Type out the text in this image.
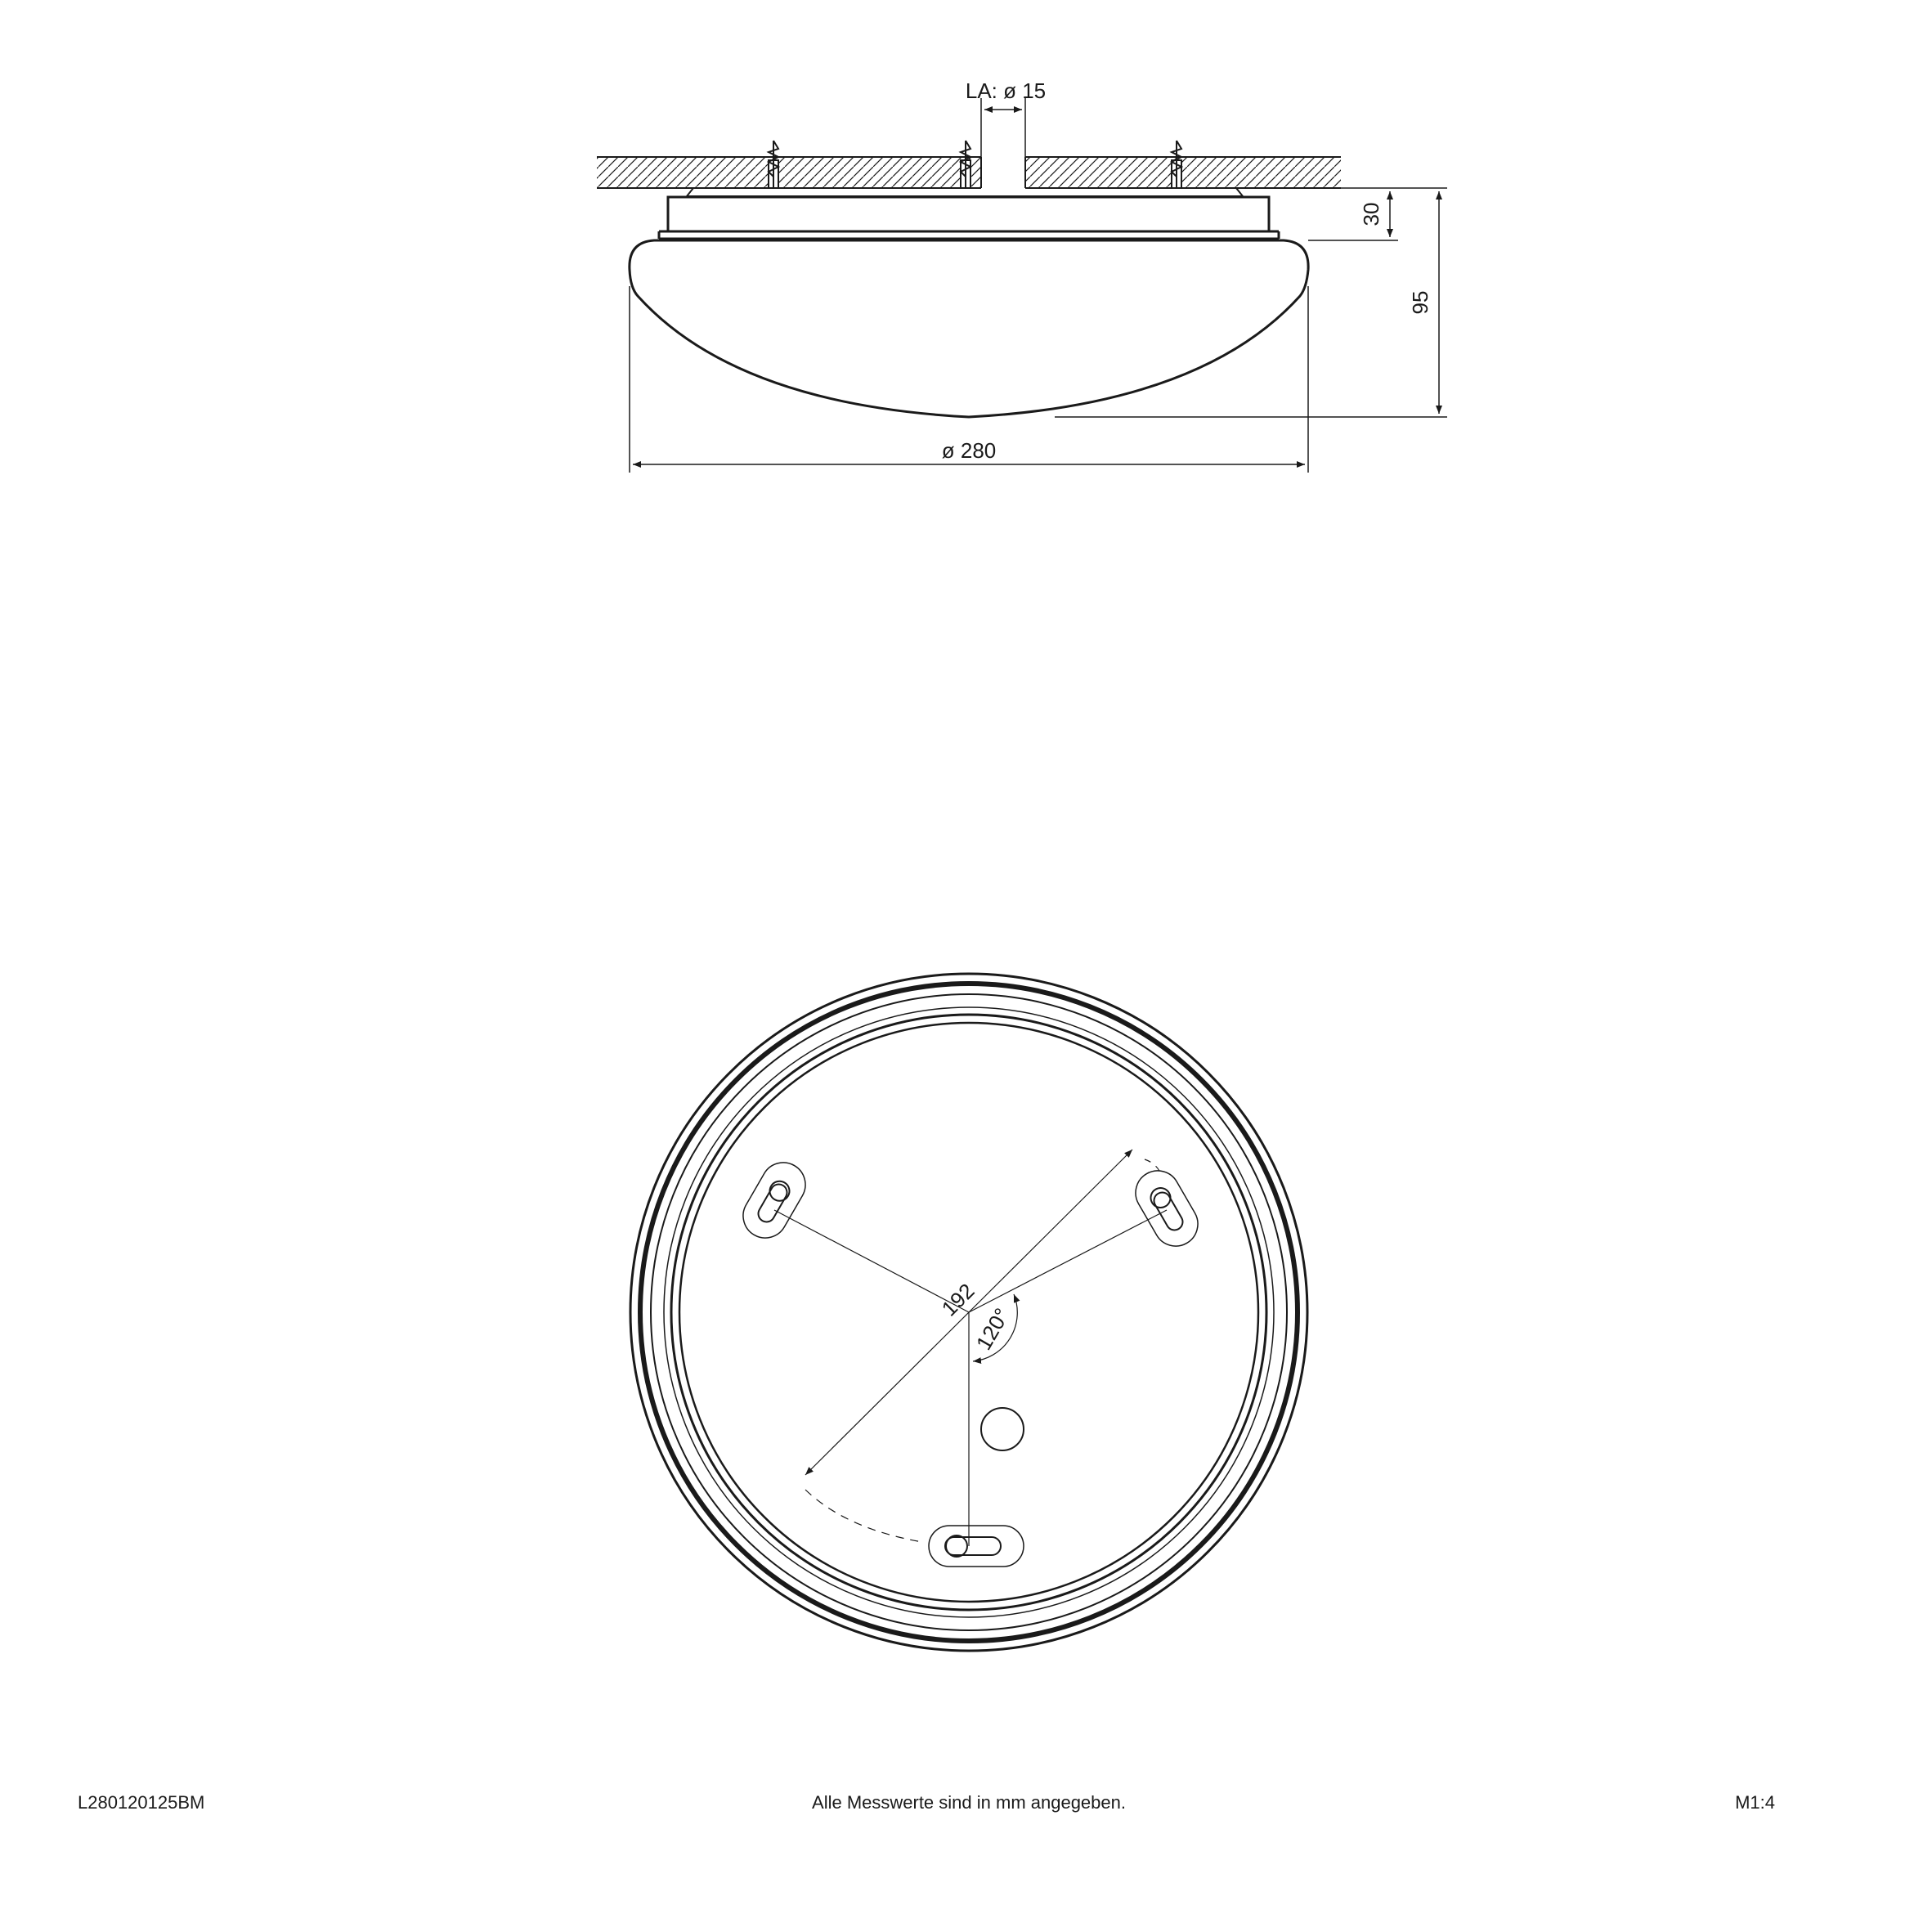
LA: ø 15
30
95
ø 280
192
120°
L280120125BM	Alle Messwerte sind in mm angegeben.	M1:4
